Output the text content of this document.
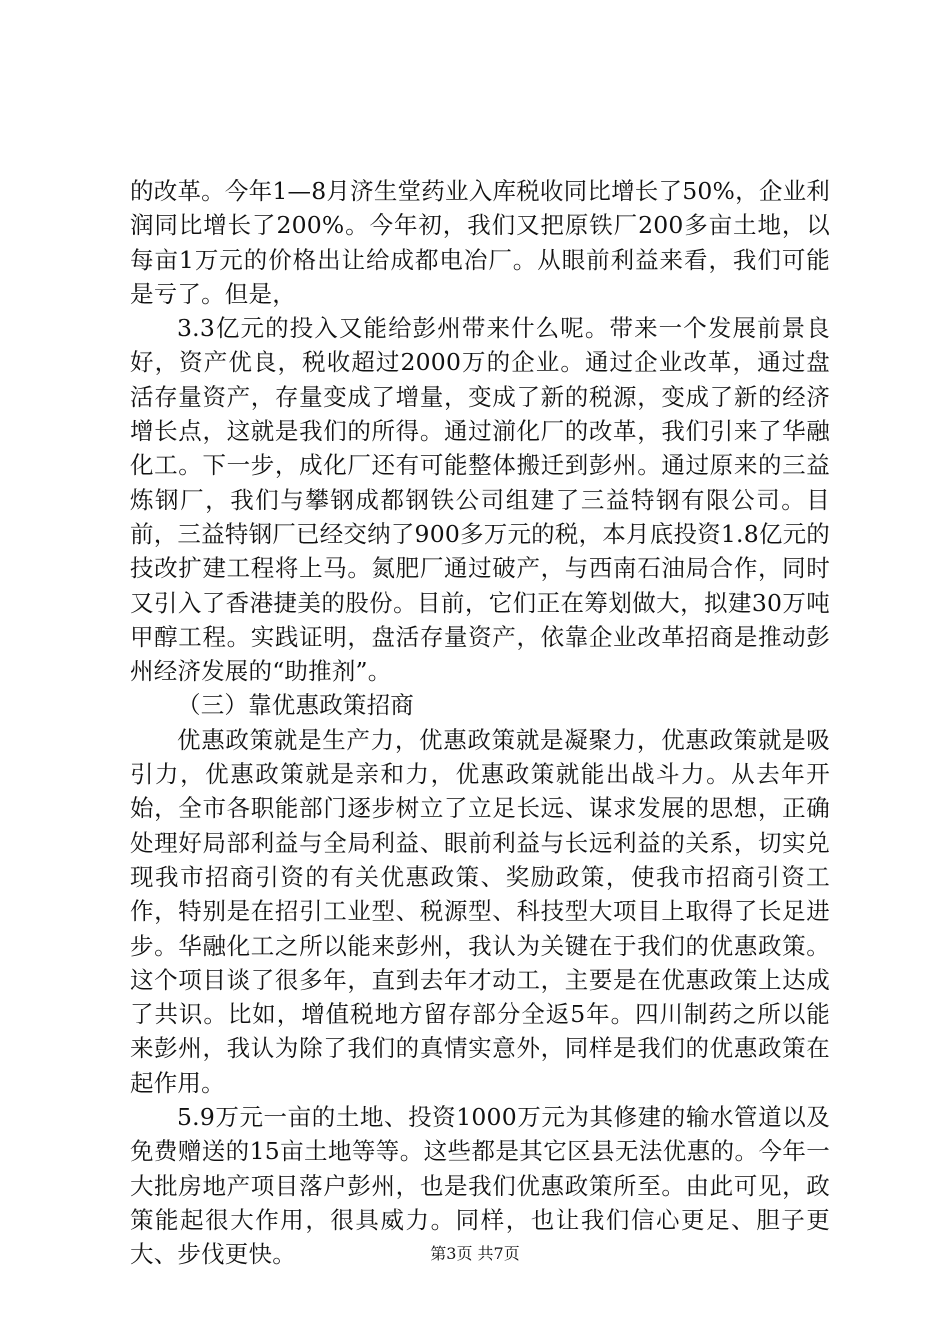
的改革。今年1—8月济生堂药业入库税收同比增长了50%，企业利润同比增长了200%。今年初，我们又把原铁厂200多亩土地，以每亩1万元的价格出让给成都电冶厂。从眼前利益来看，我们可能是亏了。但是，

3.3亿元的投入又能给彭州带来什么呢。带来一个发展前景良好，资产优良，税收超过2000万的企业。通过企业改革，通过盘活存量资产，存量变成了增量，变成了新的税源，变成了新的经济增长点，这就是我们的所得。通过湔化厂的改革，我们引来了华融化工。下一步，成化厂还有可能整体搬迁到彭州。通过原来的三益炼钢厂，我们与攀钢成都钢铁公司组建了三益特钢有限公司。目前，三益特钢厂已经交纳了900多万元的税，本月底投资1.8亿元的技改扩建工程将上马。氮肥厂通过破产，与西南石油局合作，同时又引入了香港捷美的股份。目前，它们正在筹划做大，拟建30万吨甲醇工程。实践证明，盘活存量资产，依靠企业改革招商是推动彭州经济发展的“助推剂”。

（三）靠优惠政策招商

优惠政策就是生产力，优惠政策就是凝聚力，优惠政策就是吸引力，优惠政策就是亲和力，优惠政策就能出战斗力。从去年开始，全市各职能部门逐步树立了立足长远、谋求发展的思想，正确处理好局部利益与全局利益、眼前利益与长远利益的关系，切实兑现我市招商引资的有关优惠政策、奖励政策，使我市招商引资工作，特别是在招引工业型、税源型、科技型大项目上取得了长足进步。华融化工之所以能来彭州，我认为关键在于我们的优惠政策。这个项目谈了很多年，直到去年才动工，主要是在优惠政策上达成了共识。比如，增值税地方留存部分全返5年。四川制药之所以能来彭州，我认为除了我们的真情实意外，同样是我们的优惠政策在起作用。

5.9万元一亩的土地、投资1000万元为其修建的输水管道以及免费赠送的15亩土地等等。这些都是其它区县无法优惠的。今年一大批房地产项目落户彭州，也是我们优惠政策所至。由此可见，政策能起很大作用，很具威力。同样，也让我们信心更足、胆子更大、步伐更快。	第3页 共7页
